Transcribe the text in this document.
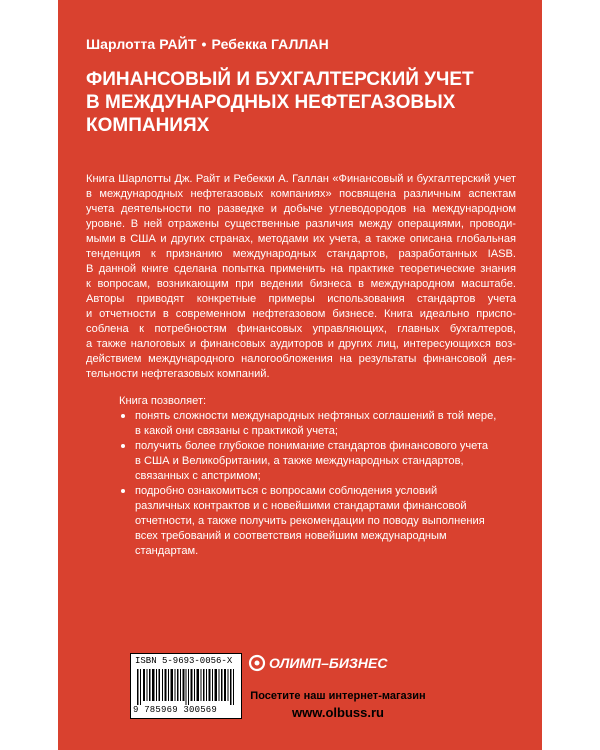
Шарлотта РАЙТ • Ребекка ГАЛЛАН
ФИНАНСОВЫЙ И БУХГАЛТЕРСКИЙ УЧЕТ
В МЕЖДУНАРОДНЫХ НЕФТЕГАЗОВЫХ
КОМПАНИЯХ
Книга Шарлотты Дж. Райт и Ребекки А. Галлан «Финансовый и бухгалтерский учет
в международных нефтегазовых компаниях» посвящена различным аспектам
учета деятельности по разведке и добыче углеводородов на международном
уровне. В ней отражены существенные различия между операциями, проводи-
мыми в США и других странах, методами их учета, а также описана глобальная
тенденция к признанию международных стандартов, разработанных IASB.
В данной книге сделана попытка применить на практике теоретические знания
к вопросам, возникающим при ведении бизнеса в международном масштабе.
Авторы приводят конкретные примеры использования стандартов учета
и отчетности в современном нефтегазовом бизнесе. Книга идеально приспо-
соблена к потребностям финансовых управляющих, главных бухгалтеров,
а также налоговых и финансовых аудиторов и других лиц, интересующихся воз-
действием международного налогообложения на результаты финансовой дея-
тельности нефтегазовых компаний.
Книга позволяет:
понять сложности международных нефтяных соглашений в той мере,
в какой они связаны с практикой учета;
получить более глубокое понимание стандартов финансового учета
в США и Великобритании, а также международных стандартов,
связанных с апстримом;
подробно ознакомиться с вопросами соблюдения условий
различных контрактов и с новейшими стандартами финансовой
отчетности, а также получить рекомендации по поводу выполнения
всех требований и соответствия новейшим международным
стандартам.
ISBN 5-9693-0056-X
9 785969 300569
ОЛИМП–БИЗНЕС
Посетите наш интернет-магазин
www.olbuss.ru
